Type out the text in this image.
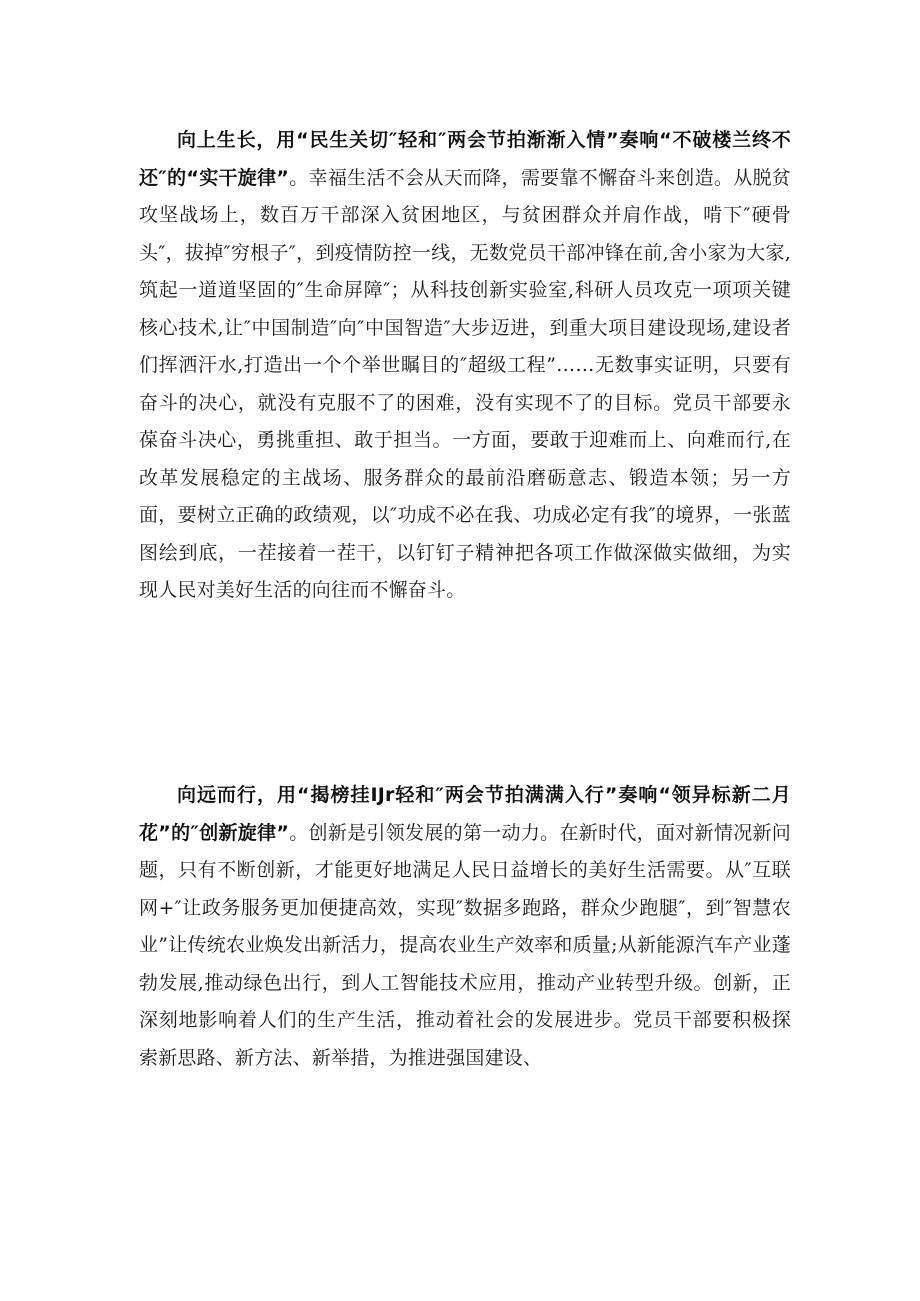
向上生长，用“民生关切″轻和″两会节拍渐渐入情”奏响“不破楼兰终不还″的“实干旋律”。幸福生活不会从天而降，需要靠不懈奋斗来创造。从脱贫攻坚战场上，数百万干部深入贫困地区，与贫困群众并肩作战，啃下″硬骨头″，拔掉″穷根子″，到疫情防控一线，无数党员干部冲锋在前,舍小家为大家,筑起一道道坚固的″生命屏障″；从科技创新实验室,科研人员攻克一项项关键核心技术,让″中国制造″向″中国智造″大步迈进，到重大项目建设现场,建设者们挥洒汗水,打造出一个个举世瞩目的″超级工程”……无数事实证明，只要有奋斗的决心，就没有克服不了的困难，没有实现不了的目标。党员干部要永葆奋斗决心，勇挑重担、敢于担当。一方面，要敢于迎难而上、向难而行,在改革发展稳定的主战场、服务群众的最前沿磨砺意志、锻造本领；另一方面，要树立正确的政绩观，以″功成不必在我、功成必定有我″的境界，一张蓝图绘到底，一茬接着一茬干，以钉钉子精神把各项工作做深做实做细，为实现人民对美好生活的向往而不懈奋斗。

向远而行，用“揭榜挂IJr轻和″两会节拍满满入行”奏响“领异标新二月花”的″创新旋律”。创新是引领发展的第一动力。在新时代，面对新情况新问题，只有不断创新，才能更好地满足人民日益增长的美好生活需要。从″互联网+″让政务服务更加便捷高效，实现″数据多跑路，群众少跑腿″，到″智慧农业”让传统农业焕发出新活力，提高农业生产效率和质量;从新能源汽车产业蓬勃发展,推动绿色出行，到人工智能技术应用，推动产业转型升级。创新，正深刻地影响着人们的生产生活，推动着社会的发展进步。党员干部要积极探索新思路、新方法、新举措，为推进强国建设、
